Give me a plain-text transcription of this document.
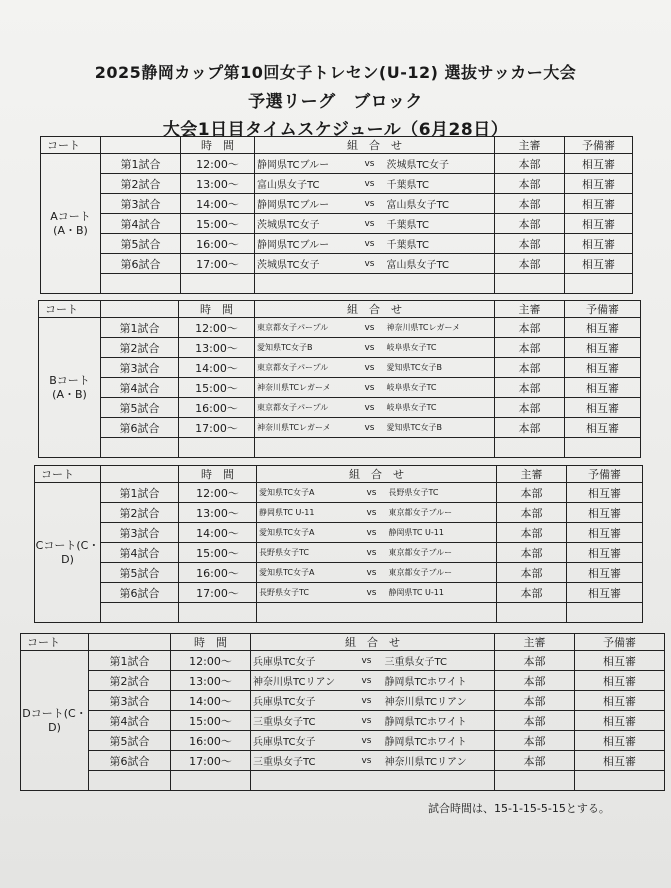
2025静岡カップ第10回女子トレセン(U-12) 選抜サッカー大会
予選リーグ　ブロック
大会1日目タイムスケジュール（6月28日）
コート		時　間	組　合　せ			主審	予備審
Aコート(A・B)	第1試合	12:00〜	静岡県TCブルー	vs	茨城県TC女子	本部	相互審
	第2試合	13:00〜	富山県女子TC	vs	千葉県TC	本部	相互審
	第3試合	14:00〜	静岡県TCブルー	vs	富山県女子TC	本部	相互審
	第4試合	15:00〜	茨城県TC女子	vs	千葉県TC	本部	相互審
	第5試合	16:00〜	静岡県TCブルー	vs	千葉県TC	本部	相互審
	第6試合	17:00〜	茨城県TC女子	vs	富山県女子TC	本部	相互審

コート		時　間	組　合　せ			主審	予備審
Bコート(A・B)	第1試合	12:00〜	東京都女子パープル	vs	神奈川県TCレガーメ	本部	相互審
	第2試合	13:00〜	愛知県TC女子B	vs	岐阜県女子TC	本部	相互審
	第3試合	14:00〜	東京都女子パープル	vs	愛知県TC女子B	本部	相互審
	第4試合	15:00〜	神奈川県TCレガーメ	vs	岐阜県女子TC	本部	相互審
	第5試合	16:00〜	東京都女子パープル	vs	岐阜県女子TC	本部	相互審
	第6試合	17:00〜	神奈川県TCレガーメ	vs	愛知県TC女子B	本部	相互審

コート		時　間	組　合　せ			主審	予備審
Cコート(C・D)	第1試合	12:00〜	愛知県TC女子A	vs	長野県女子TC	本部	相互審
	第2試合	13:00〜	静岡県TC U-11	vs	東京都女子ブルー	本部	相互審
	第3試合	14:00〜	愛知県TC女子A	vs	静岡県TC U-11	本部	相互審
	第4試合	15:00〜	長野県女子TC	vs	東京都女子ブルー	本部	相互審
	第5試合	16:00〜	愛知県TC女子A	vs	東京都女子ブルー	本部	相互審
	第6試合	17:00〜	長野県女子TC	vs	静岡県TC U-11	本部	相互審

コート		時　間	組　合　せ			主審	予備審
Dコート(C・D)	第1試合	12:00〜	兵庫県TC女子	vs	三重県女子TC	本部	相互審
	第2試合	13:00〜	神奈川県TCリアン	vs	静岡県TCホワイト	本部	相互審
	第3試合	14:00〜	兵庫県TC女子	vs	神奈川県TCリアン	本部	相互審
	第4試合	15:00〜	三重県女子TC	vs	静岡県TCホワイト	本部	相互審
	第5試合	16:00〜	兵庫県TC女子	vs	静岡県TCホワイト	本部	相互審
	第6試合	17:00〜	三重県女子TC	vs	神奈川県TCリアン	本部	相互審

試合時間は、15-1-15-5-15とする。
